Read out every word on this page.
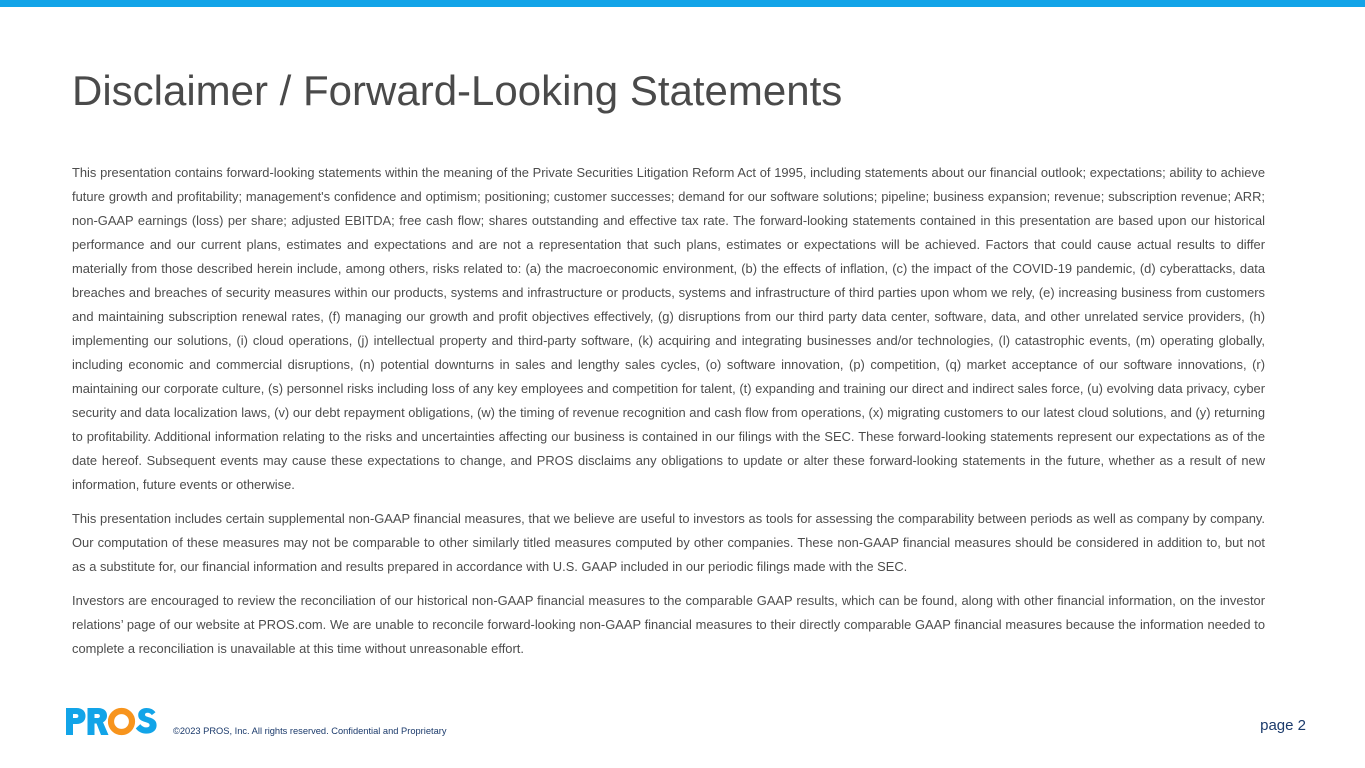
Disclaimer / Forward-Looking Statements

This presentation contains forward-looking statements within the meaning of the Private Securities Litigation Reform Act of 1995, including statements about our financial outlook; expectations; ability to achieve future growth and profitability; management's confidence and optimism; positioning; customer successes; demand for our software solutions; pipeline; business expansion; revenue; subscription revenue; ARR; non-GAAP earnings (loss) per share; adjusted EBITDA; free cash flow; shares outstanding and effective tax rate. The forward-looking statements contained in this presentation are based upon our historical performance and our current plans, estimates and expectations and are not a representation that such plans, estimates or expectations will be achieved. Factors that could cause actual results to differ materially from those described herein include, among others, risks related to: (a) the macroeconomic environment, (b) the effects of inflation, (c) the impact of the COVID-19 pandemic, (d) cyberattacks, data breaches and breaches of security measures within our products, systems and infrastructure or products, systems and infrastructure of third parties upon whom we rely, (e) increasing business from customers and maintaining subscription renewal rates, (f) managing our growth and profit objectives effectively, (g) disruptions from our third party data center, software, data, and other unrelated service providers, (h) implementing our solutions, (i) cloud operations, (j) intellectual property and third-party software, (k) acquiring and integrating businesses and/or technologies, (l) catastrophic events, (m) operating globally, including economic and commercial disruptions, (n) potential downturns in sales and lengthy sales cycles, (o) software innovation, (p) competition, (q) market acceptance of our software innovations, (r) maintaining our corporate culture, (s) personnel risks including loss of any key employees and competition for talent, (t) expanding and training our direct and indirect sales force, (u) evolving data privacy, cyber security and data localization laws, (v) our debt repayment obligations, (w) the timing of revenue recognition and cash flow from operations, (x) migrating customers to our latest cloud solutions, and (y) returning to profitability. Additional information relating to the risks and uncertainties affecting our business is contained in our filings with the SEC. These forward-looking statements represent our expectations as of the date hereof. Subsequent events may cause these expectations to change, and PROS disclaims any obligations to update or alter these forward-looking statements in the future, whether as a result of new information, future events or otherwise.

This presentation includes certain supplemental non-GAAP financial measures, that we believe are useful to investors as tools for assessing the comparability between periods as well as company by company. Our computation of these measures may not be comparable to other similarly titled measures computed by other companies. These non-GAAP financial measures should be considered in addition to, but not as a substitute for, our financial information and results prepared in accordance with U.S. GAAP included in our periodic filings made with the SEC.

Investors are encouraged to review the reconciliation of our historical non-GAAP financial measures to the comparable GAAP results, which can be found, along with other financial information, on the investor relations’ page of our website at PROS.com. We are unable to reconcile forward-looking non-GAAP financial measures to their directly comparable GAAP financial measures because the information needed to complete a reconciliation is unavailable at this time without unreasonable effort.

©2023 PROS, Inc. All rights reserved. Confidential and Proprietary	page 2
